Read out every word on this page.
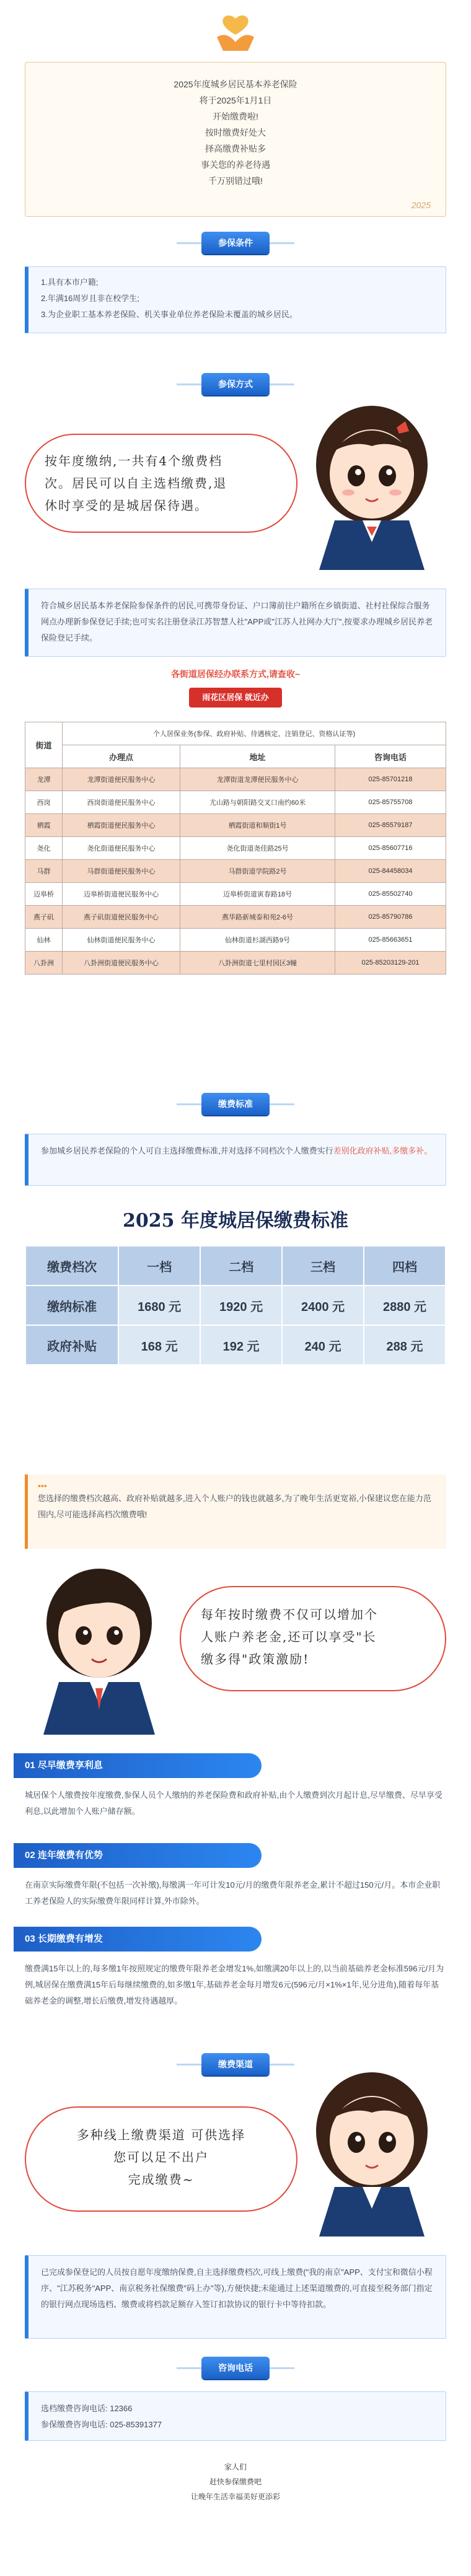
2025年度城乡居民基本养老保险

将于2025年1月1日

开始缴费啦!

按时缴费好处大

择高缴费补贴多

事关您的养老待遇

千万别错过哦!

2025
参保条件

1.具有本市户籍;

2.年满16周岁且非在校学生;

3.为企业职工基本养老保险、机关事业单位养老保险未覆盖的城乡居民。

参保方式

按年度缴纳,一共有4个缴费档

次。居民可以自主选档缴费,退

休时享受的是城居保待遇。

符合城乡居民基本养老保险参保条件的居民,可携带身份证、户口簿前往户籍所在乡镇街道、社村社保综合服务网点办理新参保登记手续;也可实名注册登录江苏智慧人社"APP或"江苏人社网办大厅",按要求办理城乡居民养老保险登记手续。

各街道居保经办联系方式,请查收~

雨花区居保 就近办
街道	个人居保业务(参保、政府补贴、待遇核定、注销登记、资格认证等)		
	办理点	地址	咨询电话
龙潭	龙潭街道便民服务中心	龙潭街道龙潭便民服务中心	025-85701218
西岗	西岗街道便民服务中心	尤山路与朝阳路交叉口南约60米	025-85755708
栖霞	栖霞街道便民服务中心	栖霞街道和顺街1号	025-85579187
尧化	尧化街道便民服务中心	尧化街道尧佳路25号	025-85607716
马群	马群街道便民服务中心	马群街道学院路2号	025-84458034
迈皋桥	迈皋桥街道便民服务中心	迈皋桥街道寅春路18号	025-85502740
燕子矶	燕子矶街道便民服务中心	燕华路新城泰和苑2-6号	025-85790786
仙林	仙林街道便民服务中心	仙林街道杉湖西路9号	025-85663651
八卦洲	八卦洲街道便民服务中心	八卦洲街道七里村园区3幢	025-85203129-201
缴费标准

参加城乡居民养老保险的个人可自主选择缴费标准,并对选择不同档次个人缴费实行差别化政府补贴,多缴多补。

2025 年度城居保缴费标准

缴费档次	一档	二档	三档	四档
缴纳标准	1680 元	1920 元	2400 元	2880 元
政府补贴	168 元	192 元	240 元	288 元

•••

您选择的缴费档次越高、政府补贴就越多,进入个人账户的钱也就越多,为了晚年生活更宽裕,小保建议您在能力范围内,尽可能选择高档次缴费哦!

每年按时缴费不仅可以增加个

人账户养老金,还可以享受"长

缴多得"政策激励!

01 尽早缴费享利息

城居保个人缴费按年度缴费,参保人员个人缴纳的养老保险费和政府补贴,由个人缴费到次月起计息,尽早缴费、尽早享受利息,以此增加个人账户储存额。

02 连年缴费有优势

在南京实际缴费年限(不包括一次补缴),每缴满一年可计发10元/月的缴费年限养老金,累计不超过150元/月。本市企业职工养老保险人的实际缴费年限同样计算,外市除外。

03 长期缴费有增发

缴费满15年以上的,每多缴1年按照规定的缴费年限养老金增发1%,如缴满20年以上的,以当前基础养老金标准596元/月为例,城居保在缴费满15年后每继续缴费的,如多缴1年,基础养老金每月增发6元(596元/月×1%×1年,见分进角),随着每年基础养老金的调整,增长后缴费,增发待遇越厚。

缴费渠道

多种线上缴费渠道 可供选择

您可以足不出户

完成缴费~

已完成参保登记的人员按自愿年度缴纳保费,自主选择缴费档次,可线上缴费("我的南京"APP、支付宝和微信小程序、"江苏税务"APP、南京税务社保缴费"码上办"等),方便快捷;未能通过上述渠道缴费的,可直接至税务部门指定的银行网点现场选档、缴费或将档款足额存入签订扣款协议的银行卡中等待扣款。

咨询电话

选档缴费咨询电话: 12366

参保缴费咨询电话: 025-85391377

家人们

赶快参保缴费吧

让晚年生活幸福美好更添彩
